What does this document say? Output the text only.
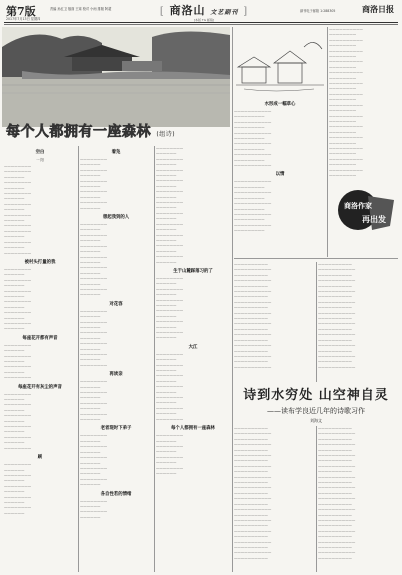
第7版	责编 孙红卫 版面 王赛 校对 小雨 排版 阿超
2017年7月13日 星期四
[ 商洛山 文艺副刊 ]
[本版 TG 邮箱]
副刊电子邮箱 1:288305	商洛日报
每个人都拥有一座森林 (组诗)
空白
一 阳
————————
————————
——————
————————
——————
————————
——————
————————
——————
————————
——————
————————
————————
——————
————————
——————
————————
被村头打量的我
————————
——————
————————
——————
————————
——————
————————
——————
————————
——————
————————
——————
每座花开都有声音
————————
——————
————————
——————
————————
——————
————————
每座花开有灰尘的声音
————————
——————
————————
——————
————————
——————
————————
——————
————————
——————
————————
刷
————————
——————
————————
——————
————————
——————
————————
——————
————————
——————
着凫
————————
——————
————————
——————
————————
——————
————————
——————
————————
——————
想起我到的人
————————
——————
————————
——————
————————
——————
————————
——————
————————
——————
————————
——————
————————
——————
对花容
————————
——————
————————
——————
————————
——————
————————
——————
————————
——————
————————
再读亲
————————
——————
————————
——————
————————
——————
————————
——————
老者现时下弟子
————————
——————
————————
——————
————————
——————
————————
——————
————————
——————
各自性若的情绪
————————
——————
————————
——————
————————
——————
————————
——————
————————
——————
————————
——————
————————
——————
————————
——————
————————
——————
————————
——————
————————
——————
————————
——————
————————
——————
生于山麓踩落习的了
————————
——————
————————
——————
————————
——————
————————
——————
————————
——————
————————
——————
大江
————————
——————
————————
——————
————————
——————
————————
——————
————————
——————
————————
——————
————————
每个人都拥有一座森林
————————
——————
————————
——————
————————
——————
————————
——————
水形成一幅草心
———————————
—————————
———————————
—————————
———————————
—————————
———————————
—————————
———————————
—————————
———————————
以情
———————————
—————————
———————————
—————————
———————————
—————————
———————————
—————————
———————————
—————————
——————————
————————
——————————
————————
——————————
————————
——————————
————————
——————————
————————
——————————
————————
——————————
————————
——————————
————————
——————————
————————
——————————
————————
——————————
————————
——————————
————————
——————————
————————
——————————
————————
商洛作家
再出发
——————————
———————————
——————————
———————————
——————————
———————————
——————————
———————————
——————————
———————————
——————————
———————————
——————————
———————————
——————————
———————————
——————————
———————————
——————————
———————————
——————————
———————————
——————————
———————————
——————————
———————————
——————————
———————————
——————————
———————————
——————————
———————————
——————————
———————————
——————————
———————————
——————————
———————————
——————————
———————————
诗到水穷处 山空神自灵
——读布学良近几年的诗歌习作
刘海文
——————————
———————————
——————————
———————————
——————————
———————————
——————————
———————————
——————————
———————————
——————————
———————————
——————————
———————————
——————————
———————————
——————————
———————————
——————————
———————————
——————————
———————————
——————————
———————————
——————————
——————————
———————————
——————————
———————————
——————————
———————————
——————————
———————————
——————————
———————————
——————————
———————————
——————————
———————————
——————————
———————————
——————————
———————————
——————————
———————————
——————————
———————————
——————————
———————————
——————————
